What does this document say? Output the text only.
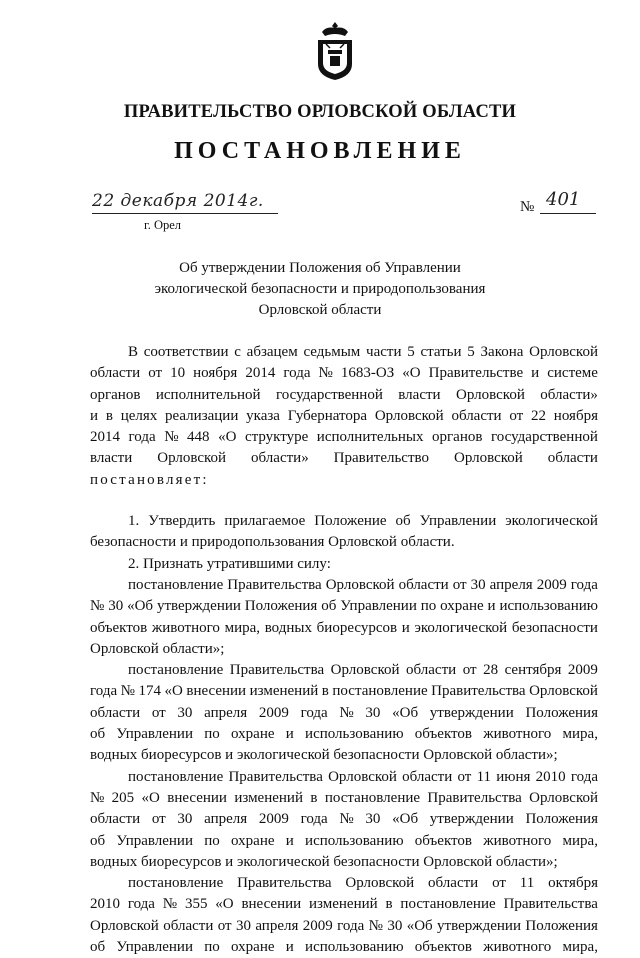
ПРАВИТЕЛЬСТВО ОРЛОВСКОЙ ОБЛАСТИ
ПОСТАНОВЛЕНИЕ
22 декабря 2014г.
г. Орел
№ 401
Об утверждении Положения об Управлении
экологической безопасности и природопользования
Орловской области
В соответствии с абзацем седьмым части 5 статьи 5 Закона Орловской
области от 10 ноября 2014 года № 1683-ОЗ «О Правительстве и системе
органов исполнительной государственной власти Орловской области»
и в целях реализации указа Губернатора Орловской области от 22 ноября
2014 года № 448 «О структуре исполнительных органов государственной
власти Орловской области» Правительство Орловской области
постановляет:
1. Утвердить прилагаемое Положение об Управлении экологической
безопасности и природопользования Орловской области.
2. Признать утратившими силу:
постановление Правительства Орловской области от 30 апреля 2009 года
№ 30 «Об утверждении Положения об Управлении по охране и использованию
объектов животного мира, водных биоресурсов и экологической безопасности
Орловской области»;
постановление Правительства Орловской области от 28 сентября 2009
года № 174 «О внесении изменений в постановление Правительства Орловской
области от 30 апреля 2009 года № 30 «Об утверждении Положения
об Управлении по охране и использованию объектов животного мира,
водных биоресурсов и экологической безопасности Орловской области»;
постановление Правительства Орловской области от 11 июня 2010 года
№ 205 «О внесении изменений в постановление Правительства Орловской
области от 30 апреля 2009 года № 30 «Об утверждении Положения
об Управлении по охране и использованию объектов животного мира,
водных биоресурсов и экологической безопасности Орловской области»;
постановление Правительства Орловской области от 11 октября
2010 года № 355 «О внесении изменений в постановление Правительства
Орловской области от 30 апреля 2009 года № 30 «Об утверждении Положения
об Управлении по охране и использованию объектов животного мира,
